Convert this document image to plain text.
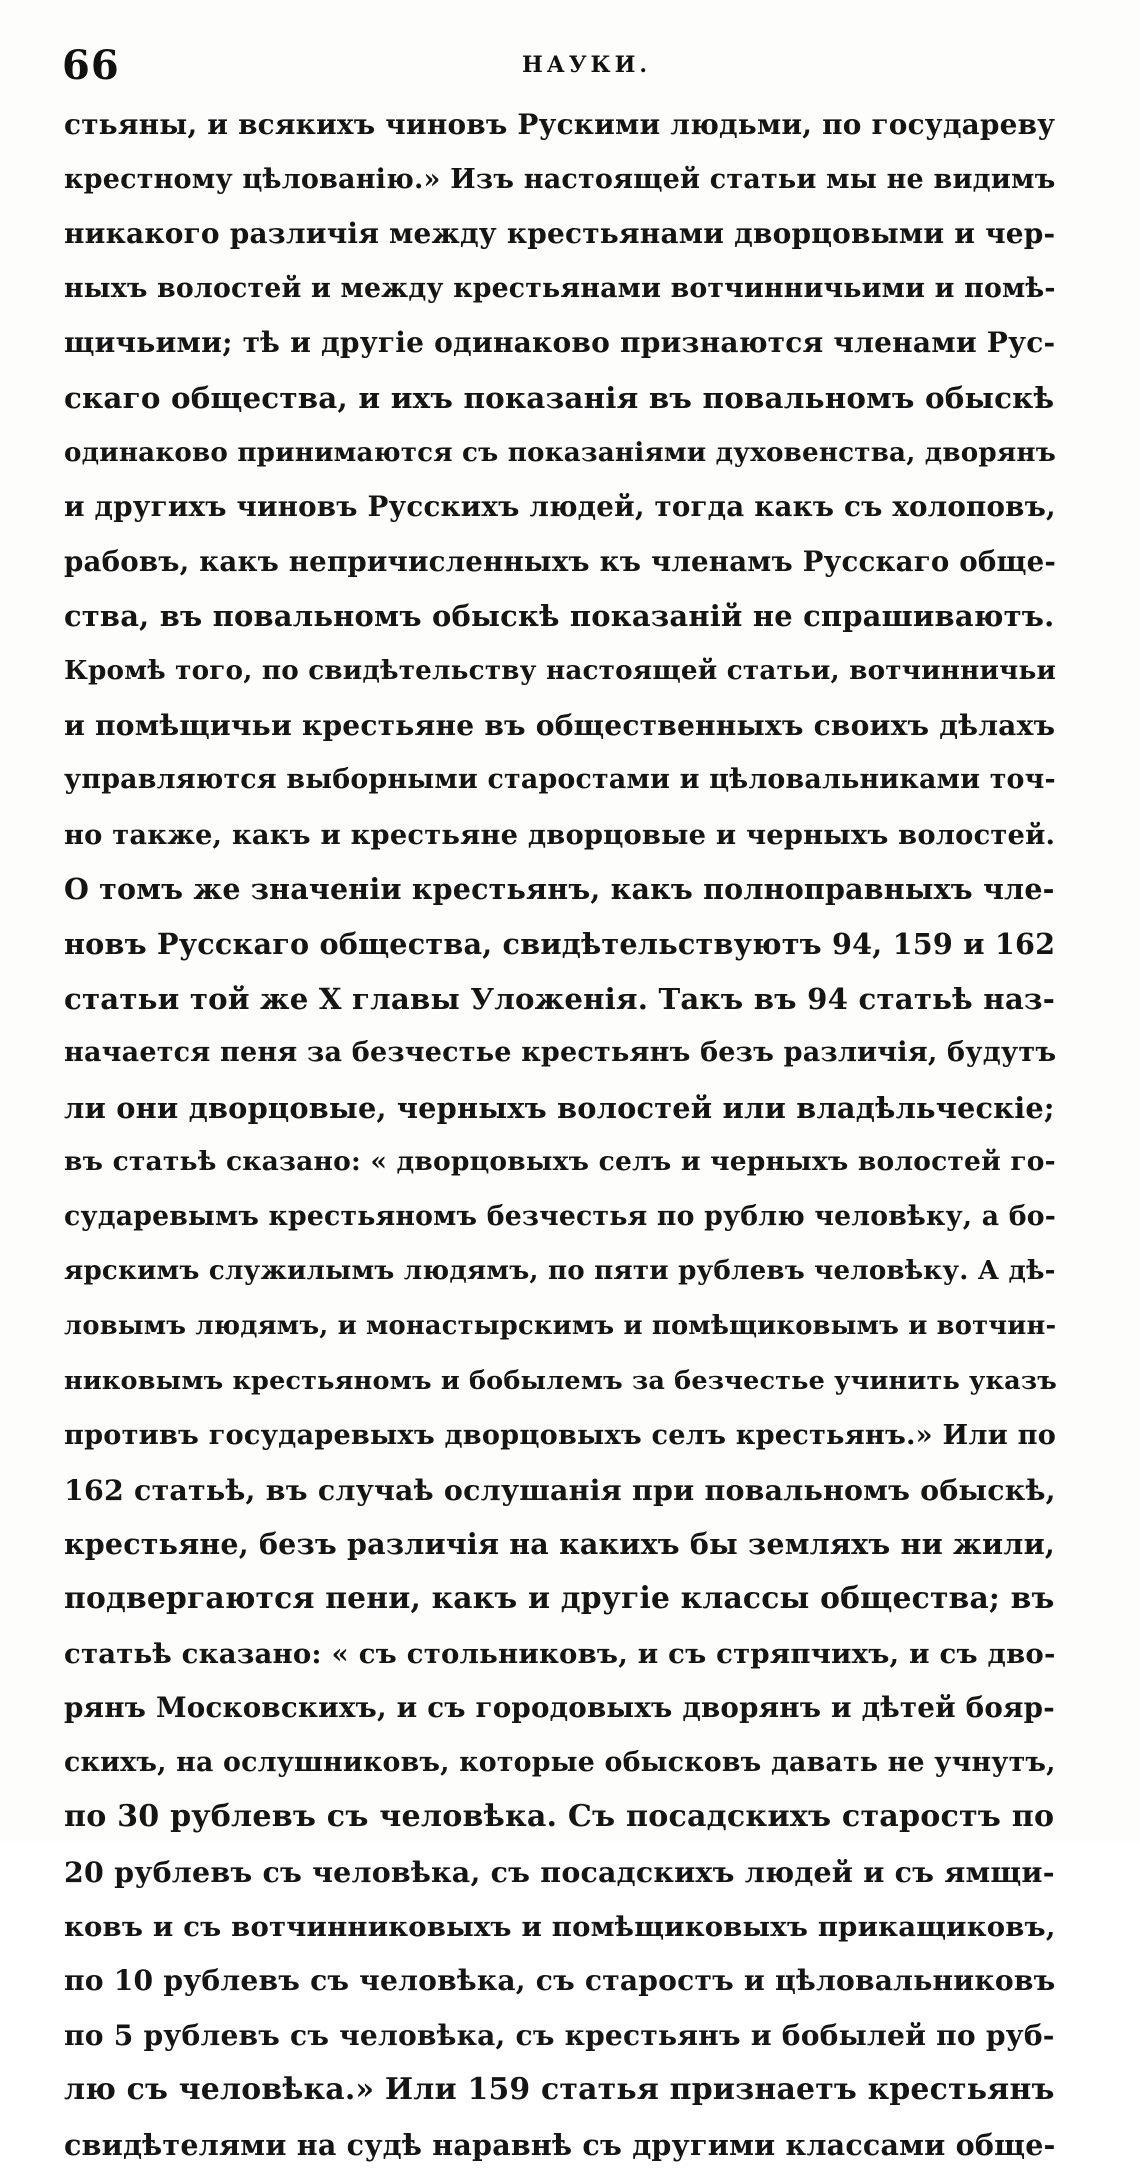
66	НАУКИ.
стьяны, и всякихъ чиновъ Рускими людьми, по государеву
крестному цѣлованію.» Изъ настоящей статьи мы не видимъ
никакого различія между крестьянами дворцовыми и чер-
ныхъ волостей и между крестьянами вотчинничьими и помѣ-
щичьими; тѣ и другіе одинаково признаются членами Рус-
скаго общества, и ихъ показанія въ повальномъ обыскѣ
одинаково принимаются съ показаніями духовенства, дворянъ
и другихъ чиновъ Русскихъ людей, тогда какъ съ холоповъ,
рабовъ, какъ непричисленныхъ къ членамъ Русскаго обще-
ства, въ повальномъ обыскѣ показаній не спрашиваютъ.
Кромѣ того, по свидѣтельству настоящей статьи, вотчинничьи
и помѣщичьи крестьяне въ общественныхъ своихъ дѣлахъ
управляются выборными старостами и цѣловальниками точ-
но также, какъ и крестьяне дворцовые и черныхъ волостей.
О томъ же значеніи крестьянъ, какъ полноправныхъ чле-
новъ Русскаго общества, свидѣтельствуютъ 94, 159 и 162
статьи той же X главы Уложенія. Такъ въ 94 статьѣ наз-
начается пеня за безчестье крестьянъ безъ различія, будутъ
ли они дворцовые, черныхъ волостей или владѣльческіе;
въ статьѣ сказано: « дворцовыхъ селъ и черныхъ волостей го-
сударевымъ крестьяномъ безчестья по рублю человѣку, а бо-
ярскимъ служилымъ людямъ, по пяти рублевъ человѣку. А дѣ-
ловымъ людямъ, и монастырскимъ и помѣщиковымъ и вотчин-
никовымъ крестьяномъ и бобылемъ за безчестье учинить указъ
противъ государевыхъ дворцовыхъ селъ крестьянъ.» Или по
162 статьѣ, въ случаѣ ослушанія при повальномъ обыскѣ,
крестьяне, безъ различія на какихъ бы земляхъ ни жили,
подвергаются пени, какъ и другіе классы общества; въ
статьѣ сказано: « съ стольниковъ, и съ стряпчихъ, и съ дво-
рянъ Московскихъ, и съ городовыхъ дворянъ и дѣтей бояр-
скихъ, на ослушниковъ, которые обысковъ давать не учнутъ,
по 30 рублевъ съ человѣка. Съ посадскихъ старостъ по
20 рублевъ съ человѣка, съ посадскихъ людей и съ ямщи-
ковъ и съ вотчинниковыхъ и помѣщиковыхъ прикащиковъ,
по 10 рублевъ съ человѣка, съ старостъ и цѣловальниковъ
по 5 рублевъ съ человѣка, съ крестьянъ и бобылей по руб-
лю съ человѣка.» Или 159 статья признаетъ крестьянъ
свидѣтелями на судѣ наравнѣ съ другими классами обще-
